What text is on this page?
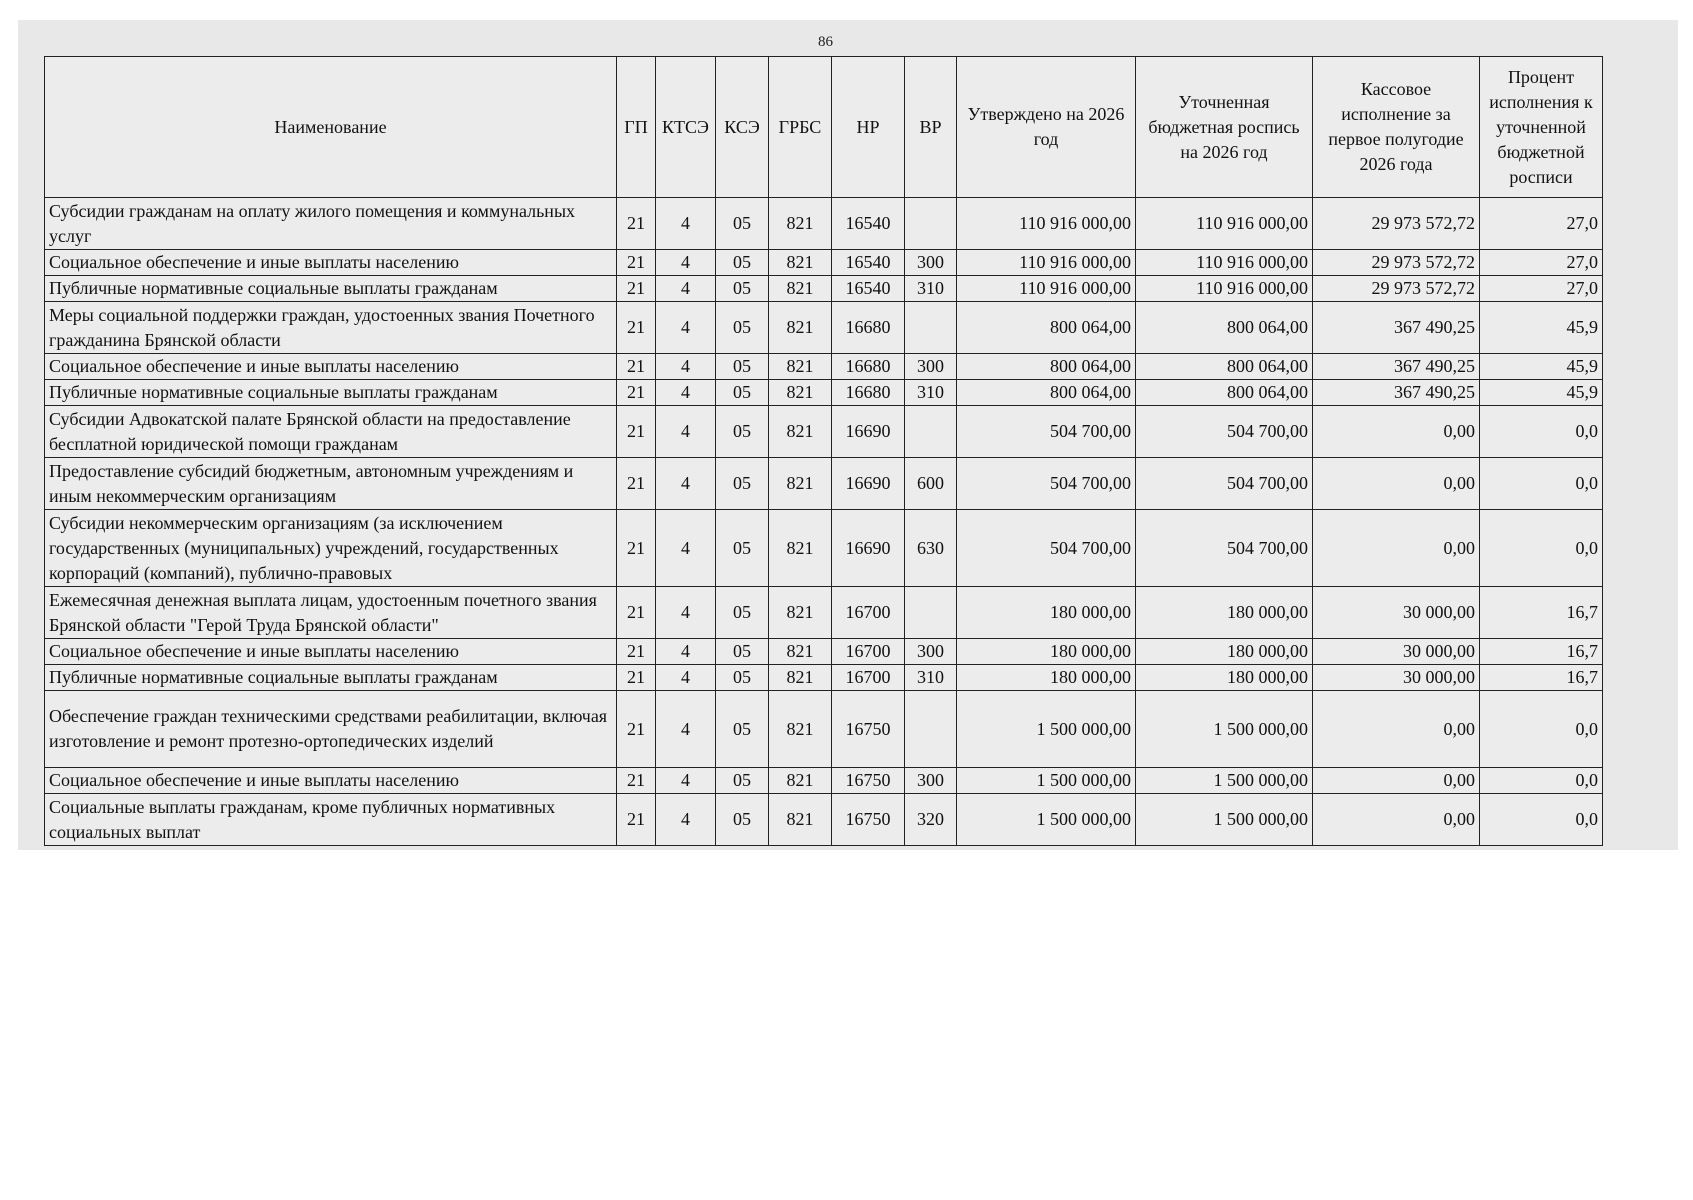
86
Наименование	ГП	КТСЭ	КСЭ	ГРБС	НР	ВР	Утверждено на 2026 год	Уточненная бюджетная роспись на 2026 год	Кассовое исполнение за первое полугодие 2026 года	Процент исполнения к уточненной бюджетной росписи
Субсидии гражданам на оплату жилого помещения и коммунальных услуг	21	4	05	821	16540		110 916 000,00	110 916 000,00	29 973 572,72	27,0
Социальное обеспечение и иные выплаты населению	21	4	05	821	16540	300	110 916 000,00	110 916 000,00	29 973 572,72	27,0
Публичные нормативные социальные выплаты гражданам	21	4	05	821	16540	310	110 916 000,00	110 916 000,00	29 973 572,72	27,0
Меры социальной поддержки граждан, удостоенных звания Почетного гражданина Брянской области	21	4	05	821	16680		800 064,00	800 064,00	367 490,25	45,9
Социальное обеспечение и иные выплаты населению	21	4	05	821	16680	300	800 064,00	800 064,00	367 490,25	45,9
Публичные нормативные социальные выплаты гражданам	21	4	05	821	16680	310	800 064,00	800 064,00	367 490,25	45,9
Субсидии Адвокатской палате Брянской области на предоставление бесплатной юридической помощи гражданам	21	4	05	821	16690		504 700,00	504 700,00	0,00	0,0
Предоставление субсидий бюджетным, автономным учреждениям и иным некоммерческим организациям	21	4	05	821	16690	600	504 700,00	504 700,00	0,00	0,0
Субсидии некоммерческим организациям (за исключением государственных (муниципальных) учреждений, государственных корпораций (компаний), публично-правовых	21	4	05	821	16690	630	504 700,00	504 700,00	0,00	0,0
Ежемесячная денежная выплата лицам, удостоенным почетного звания Брянской области "Герой Труда Брянской области"	21	4	05	821	16700		180 000,00	180 000,00	30 000,00	16,7
Социальное обеспечение и иные выплаты населению	21	4	05	821	16700	300	180 000,00	180 000,00	30 000,00	16,7
Публичные нормативные социальные выплаты гражданам	21	4	05	821	16700	310	180 000,00	180 000,00	30 000,00	16,7
Обеспечение граждан техническими средствами реабилитации, включая изготовление и ремонт протезно-ортопедических изделий	21	4	05	821	16750		1 500 000,00	1 500 000,00	0,00	0,0
Социальное обеспечение и иные выплаты населению	21	4	05	821	16750	300	1 500 000,00	1 500 000,00	0,00	0,0
Социальные выплаты гражданам, кроме публичных нормативных социальных выплат	21	4	05	821	16750	320	1 500 000,00	1 500 000,00	0,00	0,0
